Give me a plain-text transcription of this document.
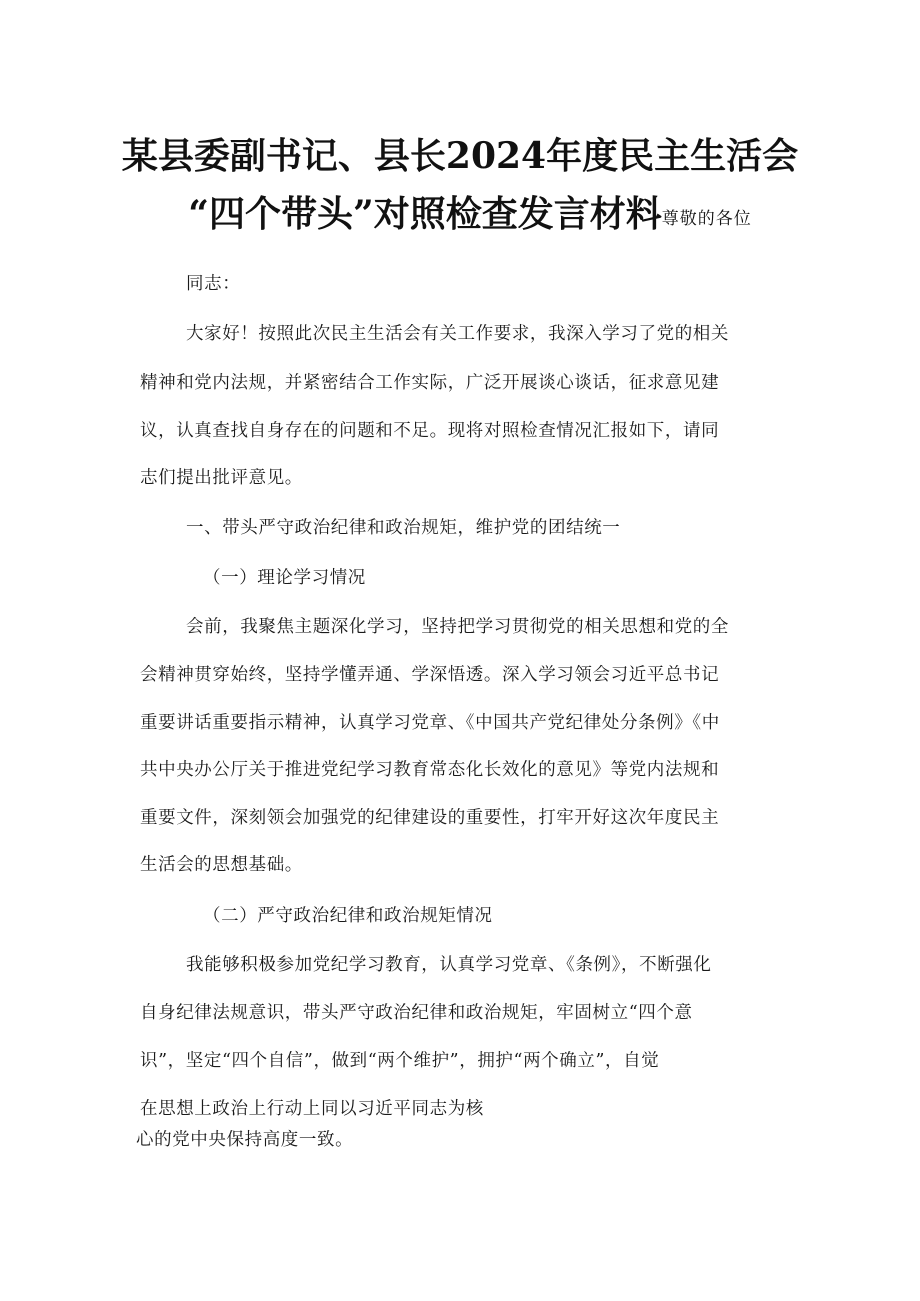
某县委副书记、县长2024年度民主生活会
“四个带头”对照检查发言材料尊敬的各位
同志：
大家好！按照此次民主生活会有关工作要求，我深入学习了党的相关
精神和党内法规，并紧密结合工作实际，广泛开展谈心谈话，征求意见建
议，认真查找自身存在的问题和不足。现将对照检查情况汇报如下，请同
志们提出批评意见。
一、带头严守政治纪律和政治规矩，维护党的团结统一
（一）理论学习情况
会前，我聚焦主题深化学习，坚持把学习贯彻党的相关思想和党的全
会精神贯穿始终，坚持学懂弄通、学深悟透。深入学习领会习近平总书记
重要讲话重要指示精神，认真学习党章、《中国共产党纪律处分条例》《中
共中央办公厅关于推进党纪学习教育常态化长效化的意见》等党内法规和
重要文件，深刻领会加强党的纪律建设的重要性，打牢开好这次年度民主
生活会的思想基础。
（二）严守政治纪律和政治规矩情况
我能够积极参加党纪学习教育，认真学习党章、《条例》，不断强化
自身纪律法规意识，带头严守政治纪律和政治规矩，牢固树立“四个意
识”，坚定“四个自信”，做到“两个维护”，拥护“两个确立”，自觉
在思想上政治上行动上同以习近平同志为核
心的党中央保持高度一致。
